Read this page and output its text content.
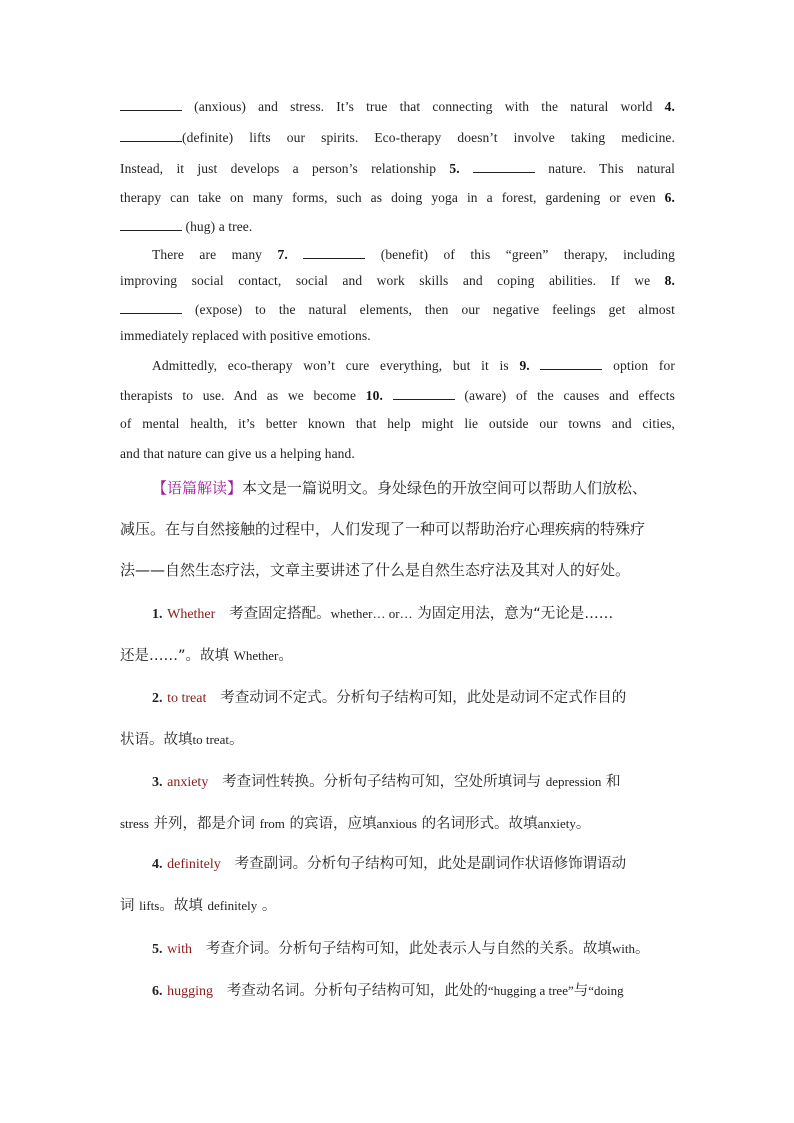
(anxious) and stress. It’s true that connecting with the natural world 4.
(definite) lifts our spirits. Eco-therapy doesn’t involve taking medicine.
Instead, it just develops a person’s relationship 5.	nature. This natural
therapy can take on many forms, such as doing yoga in a forest, gardening or even 6.
(hug) a tree.
There are many 7.	(benefit) of this “green” therapy, including
improving social contact, social and work skills and coping abilities. If we 8.
(expose) to the natural elements, then our negative feelings get almost
immediately replaced with positive emotions.
Admittedly, eco-therapy won’t cure everything, but it is 9.	option for
therapists to use. And as we become 10.	(aware) of the causes and effects
of mental health, it’s better known that help might lie outside our towns and cities,
and that nature can give us a helping hand.
【语篇解读】本文是一篇说明文。身处绿色的开放空间可以帮助人们放松、
减压。在与自然接触的过程中，人们发现了一种可以帮助治疗心理疾病的特殊疗
法——自然生态疗法，文章主要讲述了什么是自然生态疗法及其对人的好处。
1. Whether 考查固定搭配。whether… or… 为固定用法，意为“无论是……
还是……”。故填 Whether。
2. to treat 考查动词不定式。分析句子结构可知，此处是动词不定式作目的
状语。故填to treat。
3. anxiety 考查词性转换。分析句子结构可知，空处所填词与 depression 和
stress 并列，都是介词 from 的宾语，应填anxious 的名词形式。故填anxiety。
4. definitely 考查副词。分析句子结构可知，此处是副词作状语修饰谓语动
词 lifts。故填 definitely 。
5. with 考查介词。分析句子结构可知，此处表示人与自然的关系。故填with。
6. hugging 考查动名词。分析句子结构可知，此处的“hugging a tree”与“doing
